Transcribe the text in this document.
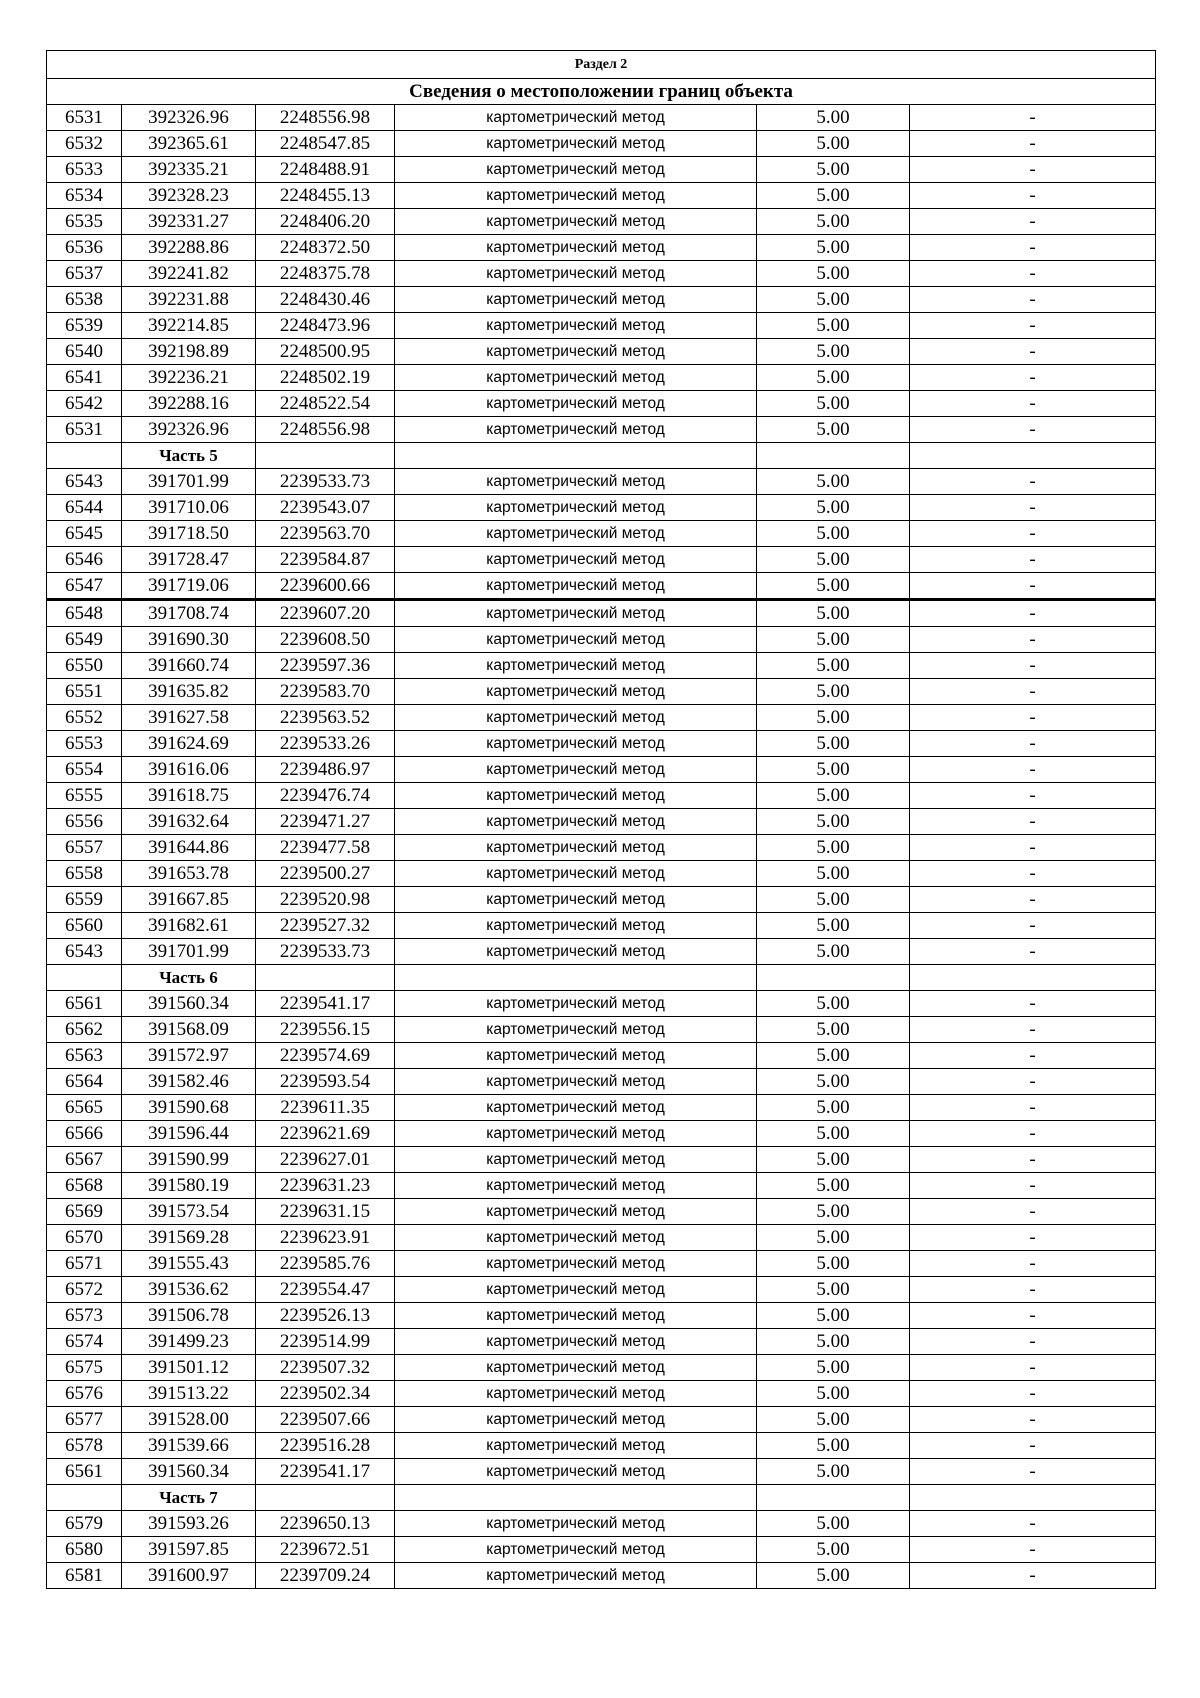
Раздел 2					
Сведения о местоположении границ объекта					
6531	392326.96	2248556.98	картометрический метод	5.00	-
6532	392365.61	2248547.85	картометрический метод	5.00	-
6533	392335.21	2248488.91	картометрический метод	5.00	-
6534	392328.23	2248455.13	картометрический метод	5.00	-
6535	392331.27	2248406.20	картометрический метод	5.00	-
6536	392288.86	2248372.50	картометрический метод	5.00	-
6537	392241.82	2248375.78	картометрический метод	5.00	-
6538	392231.88	2248430.46	картометрический метод	5.00	-
6539	392214.85	2248473.96	картометрический метод	5.00	-
6540	392198.89	2248500.95	картометрический метод	5.00	-
6541	392236.21	2248502.19	картометрический метод	5.00	-
6542	392288.16	2248522.54	картометрический метод	5.00	-
6531	392326.96	2248556.98	картометрический метод	5.00	-
	Часть 5				
6543	391701.99	2239533.73	картометрический метод	5.00	-
6544	391710.06	2239543.07	картометрический метод	5.00	-
6545	391718.50	2239563.70	картометрический метод	5.00	-
6546	391728.47	2239584.87	картометрический метод	5.00	-
6547	391719.06	2239600.66	картометрический метод	5.00	-
6548	391708.74	2239607.20	картометрический метод	5.00	-
6549	391690.30	2239608.50	картометрический метод	5.00	-
6550	391660.74	2239597.36	картометрический метод	5.00	-
6551	391635.82	2239583.70	картометрический метод	5.00	-
6552	391627.58	2239563.52	картометрический метод	5.00	-
6553	391624.69	2239533.26	картометрический метод	5.00	-
6554	391616.06	2239486.97	картометрический метод	5.00	-
6555	391618.75	2239476.74	картометрический метод	5.00	-
6556	391632.64	2239471.27	картометрический метод	5.00	-
6557	391644.86	2239477.58	картометрический метод	5.00	-
6558	391653.78	2239500.27	картометрический метод	5.00	-
6559	391667.85	2239520.98	картометрический метод	5.00	-
6560	391682.61	2239527.32	картометрический метод	5.00	-
6543	391701.99	2239533.73	картометрический метод	5.00	-
	Часть 6				
6561	391560.34	2239541.17	картометрический метод	5.00	-
6562	391568.09	2239556.15	картометрический метод	5.00	-
6563	391572.97	2239574.69	картометрический метод	5.00	-
6564	391582.46	2239593.54	картометрический метод	5.00	-
6565	391590.68	2239611.35	картометрический метод	5.00	-
6566	391596.44	2239621.69	картометрический метод	5.00	-
6567	391590.99	2239627.01	картометрический метод	5.00	-
6568	391580.19	2239631.23	картометрический метод	5.00	-
6569	391573.54	2239631.15	картометрический метод	5.00	-
6570	391569.28	2239623.91	картометрический метод	5.00	-
6571	391555.43	2239585.76	картометрический метод	5.00	-
6572	391536.62	2239554.47	картометрический метод	5.00	-
6573	391506.78	2239526.13	картометрический метод	5.00	-
6574	391499.23	2239514.99	картометрический метод	5.00	-
6575	391501.12	2239507.32	картометрический метод	5.00	-
6576	391513.22	2239502.34	картометрический метод	5.00	-
6577	391528.00	2239507.66	картометрический метод	5.00	-
6578	391539.66	2239516.28	картометрический метод	5.00	-
6561	391560.34	2239541.17	картометрический метод	5.00	-
	Часть 7				
6579	391593.26	2239650.13	картометрический метод	5.00	-
6580	391597.85	2239672.51	картометрический метод	5.00	-
6581	391600.97	2239709.24	картометрический метод	5.00	-
